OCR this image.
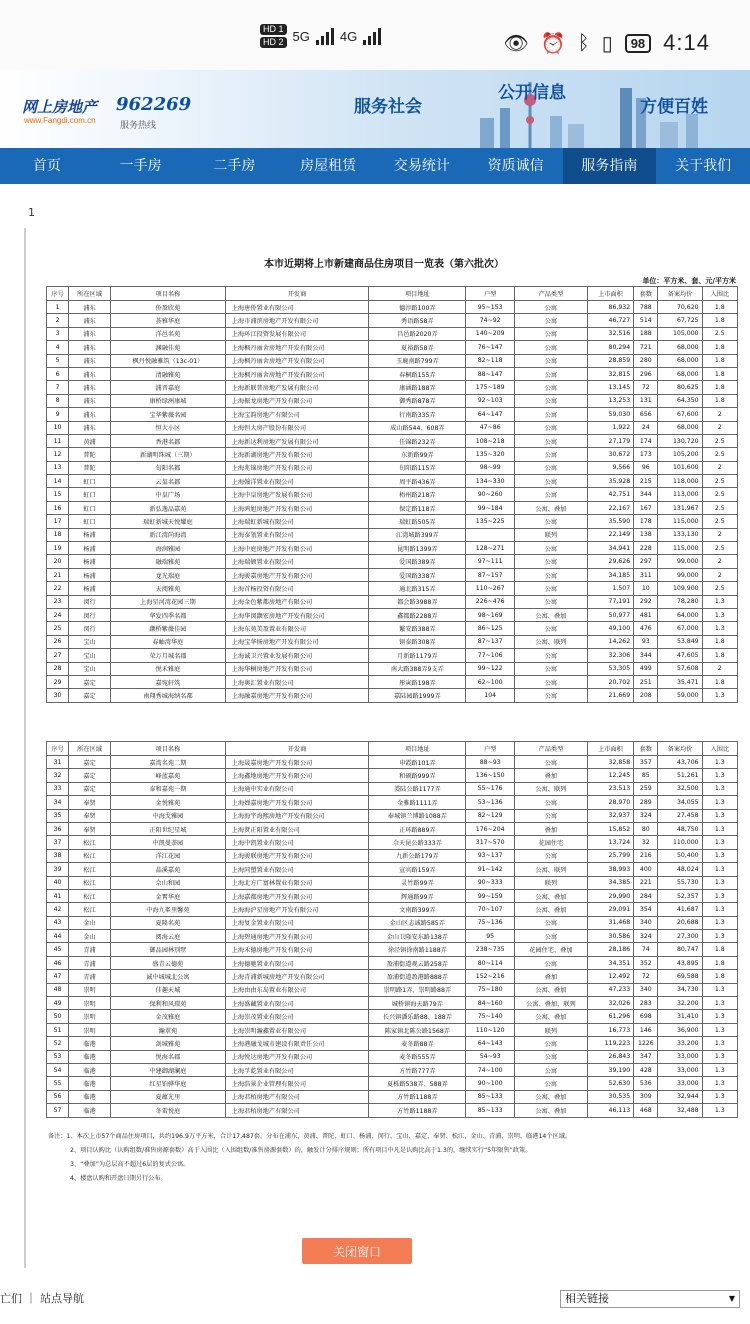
HD 1
HD 2 5G 4G	👁 ⏰ ᛒ ▯	98 4:14
网上房地产
www.Fangdi.com.cn
962269
服务热线
服务社会
公开信息
方便百姓
首页	一手房	二手房	房屋租赁	交易统计	资质诚信	服务指南	关于我们
1
本市近期将上市新建商品住房项目一览表（第六批次）
单位：平方米、套、元/平方米
序号	所在区域	项目名称	开发商	项目地址	户型	产品类型	上市面积	套数	备案均价	入围比
1	浦东	侨盈欣苑	上海唐侨置业有限公司	德淳路100弄	95~153	公寓	86,932	788	70,620	1.8
2	浦东	荟雅华庭	上海市浦滨房地产开发有限公司	秀语路58弄	74~92	公寓	46,727	514	67,725	1.8
3	浦东	洋邑名苑	上海环江投资发展有限公司	昌邑路2020弄	140~209	公寓	32,516	188	105,000	2.5
4	浦东	渊融佳苑	上海枫丹丽舍房地产开发有限公司	夏裕路58弄	76~147	公寓	80,294	721	68,000	1.8
5	浦东	枫丹悦融雅筑（13c-01）	上海枫丹丽舍房地产开发有限公司	玉鹿南路799弄	82~118	公寓	28,859	280	68,000	1.8
6	浦东	清融雅苑	上海枫丹丽舍房地产开发有限公司	春桐路155弄	88~147	公寓	32,815	296	68,000	1.8
7	浦东	浦晋嘉庭	上海新联普房地产发展有限公司	康涵路188弄	175~189	公寓	13,145	72	80,625	1.8
8	浦东	康桥绿洲康城	上海振龙房地产开发有限公司	御秀路878弄	92~103	公寓	13,253	131	64,350	1.8
9	浦东	宝华紫薇名园	上海宝韵房地产有限公司	行南路335弄	64~147	公寓	59,030	656	67,600	2
10	浦东	恒大小区	上海恒大房产股份有限公司	成山路544、608弄	47~86	公寓	1,922	24	68,000	2
11	黄浦	香港名都	上海新达利房地产发展有限公司	任锦路232弄	108~218	公寓	27,179	174	130,720	2.5
12	普陀	新湖明珠城（三期）	上海新湖房地产开发有限公司	东新路99弄	135~320	公寓	30,672	173	105,200	2.5
13	普陀	旬阳名都	上海兆锦房地产开发有限公司	旬阳路115弄	98~99	公寓	9,566	96	101,600	2
14	虹口	云玺名都	上海翰洋置业有限公司	周平路436弄	134~330	公寓	35,928	215	118,000	2.5
15	虹口	中皇广场	上海中皇房地产发展有限公司	梧州路218弄	90~260	公寓	42,751	344	113,000	2.5
16	虹口	新弘逸品嘉苑	上海鸿旭房地产开发有限公司	保定路118弄	99~184	公寓、叠加	22,167	167	131,967	2.5
17	虹口	瑞虹新城天悦耀庭	上海瑞虹新城有限公司	瑞虹路505弄	135~225	公寓	35,590	178	115,000	2.5
18	杨浦	新江湾尚海湾	上海泰瓴置业有限公司	江湾城路399弄		联列	22,149	138	133,130	2
19	杨浦	海润雅园	上海中庭房地产开发有限公司	昆明路1399弄	128~271	公寓	34,941	228	115,000	2.5
20	杨浦	融瑞雅苑	上海瑞顿置业有限公司	爱国路389弄	97~111	公寓	29,626	297	99,000	2
21	杨浦	龙光瑞庭	上海骏嘉房地产开发有限公司	爱国路338弄	87~157	公寓	34,185	311	99,000	2
22	杨浦	天阅雅苑	上海首杨投资有限公司	通北路315弄	110~267	公寓	1,507	10	109,900	2.5
23	闵行	上海星河湾花园三期	上海金色紫都房地产有限公司	都会路3988弄	226~476	公寓	77,191	292	78,280	1.3
24	闵行	华发四季名都	上海华闵颛宏房地产开发有限公司	鑫都路2288弄	98~169	公寓、叠加	50,977	481	64,000	1.3
25	闵行	颛桥紫薇佳园	上海东苑美盈置业有限公司	繁安路388弄	86~125	公寓	49,100	476	67,000	1.3
26	宝山	春岫湾华庭	上海宝华扬房地产开发有限公司	镇泰路308弄	87~137	公寓、联列	14,262	93	53,849	1.8
27	宝山	荣万月城名郡	上海诚卫兴置业发展有限公司	月新路1179弄	77~106	公寓	32,306	344	47,605	1.8
28	宝山	悦禾雅庭	上海华桐房地产开发有限公司	南大路388弄9支弄	99~122	公寓	53,305	499	57,608	2
29	嘉定	嘉宛轩筑	上海奥汇置业有限公司	彤寅路198弄	62~100	公寓	20,702	251	35,471	1.8
30	嘉定	南翔秀城海纳名都	上海融嘉房地产开发有限公司	嘉陆园路1999弄	104	公寓	21,669	208	59,000	1.3
序号	所在区域	项目名称	开发商	项目地址	户型	产品类型	上市面积	套数	备案均价	入围比
31	嘉定	嘉湾名苑二期	上海晟嘉房地产开发有限公司	申霞路101弄	88~93	公寓	32,858	357	43,706	1.3
32	嘉定	峰蓝嘉苑	上海鑫地房地产开发有限公司	和硕路999弄	136~150	叠加	12,245	85	51,261	1.3
33	嘉定	泰和嘉苑一期	上海通中实业有限公司	娄陆公路1177弄	55~176	公寓、联列	23,513	259	32,500	1.3
34	奉贤	金悦雅苑	上海婵嘉房地产开发有限公司	金雅路1111弄	53~136	公寓	28,970	289	34,055	1.3
35	奉贤	中海戈雅园	上海海宇海熙房地产开发有限公司	奉城镇兰博路1088弄	82~129	公寓	32,937	324	27,458	1.3
36	奉贤	正阳世纪星城	上海贤正阳置业有限公司	正环路889弄	176~204	叠加	15,852	80	48,750	1.3
37	松江	中凯曼荼园	上海中凯置业有限公司	佘天昆公路333弄	317~570	花园住宅	13,724	32	110,000	1.3
38	松江	洋江花园	上海骏联房地产开发有限公司	九新公路179弄	93~137	公寓	25,799	216	50,400	1.3
39	松江	晶溪嘉苑	上海同塑置业有限公司	宣宾路159弄	91~142	公寓、联列	38,993	400	48,024	1.3
40	松江	佘山和园	上海北方广富林置业有限公司	灵竹路99弄	90~333	联列	34,385	221	55,730	1.3
41	松江	金霄华庭	上海嘉都房地产开发有限公司	辉通路99弄	99~159	公寓、叠加	29,990	284	52,357	1.3
42	松江	中海九峯里馨苑	上海海沪星房地产开发有限公司	文南路399弄	70~107	公寓、叠加	29,091	354	41,687	1.3
43	金山	夏隆名苑	上海复金置业有限公司	金山区志诚路585弄	75~136	公寓	31,468	340	20,688	1.3
44	金山	阅海云庭	上海碧通房地产开发有限公司	金山卫隆安东路138弄	95	公寓	30,586	324	27,300	1.3
45	青浦	御品园林别墅	上海禾德房地产开发有限公司	徐泾镇徐南路1188弄	238~735	花园住宅、叠加	28,186	74	80,747	1.8
46	青浦	盛青云德苑	上海德驰置业有限公司	盈浦街道观云路258弄	80~114	公寓	34,351	352	43,895	1.8
47	青浦	诚中城城北公寓	上海青浦新城房地产开发有限公司	盈浦街道盈港路888弄	152~216	叠加	12,492	72	69,588	1.8
48	崇明	佳趣天城	上海由由东岛置业有限公司	崇明路1弄、崇明路88弄	75~180	公寓、叠加	47,233	340	34,730	1.3
49	崇明	保利和风璟苑	上海盛藏置业有限公司	城桥镇海天路79弄	84~160	公寓、叠加、联列	32,026	283	32,200	1.3
50	崇明	金茂雅庭	上海崇茂置业有限公司	长兴镇潘乐路88、188弄	75~140	公寓、叠加	61,296	698	31,410	1.3
51	崇明	瀚翠苑	上海崇明瀚鑫置业有限公司	陈家镇北陈公路1568弄	110~120	联列	16,773	146	36,900	1.3
52	临港	剑城雅苑	上海港融戈城市建设有限责任公司	麦冬路88弄	64~143	公寓	119,223	1226	33,200	1.3
53	临港	悦海名郡	上海悦达房地产开发有限公司	麦冬路555弄	54~93	公寓	26,843	347	33,000	1.3
54	临港	中建御湖澜庭	上海孚乾置业有限公司	方竹路777弄	74~100	公寓	39,190	428	33,000	1.3
55	临港	红星铂骅华庭	上海浩景企业管理有限公司	夏栎路538弄、588弄	90~100	公寓	52,630	536	33,000	1.3
56	临港	夏蕴光里	上海君栢房地产有限公司	方竹路1188弄	85~133	公寓、叠加	30,535	309	32,944	1.3
57	临港	冬雷悦庭	上海君栢房地产有限公司	方竹路1188弄	85~133	公寓、叠加	46,113	468	32,488	1.3
备注：1、本次上市57个商品住房项目，共约196.9万平方米，合计17,487套。分布在浦东、黄浦、普陀、虹口、杨浦、闵行、宝山、嘉定、奉贤、松江、金山、青浦、崇明、临港14个区域。
2、项目认购比（认购组数/准售房源套数）高于入围比（入围组数/准售房源套数）的，触发计分排序规则；所有项目中凡是认购比高于1.3的，继续实行“5年限售”政策。
3、“叠加”为总层高不超过6层的复式公寓。
4、楼盘认购和开盘日期另行公布。
关闭窗口
亡们 ｜ 站点导航	相关链接 ▼
